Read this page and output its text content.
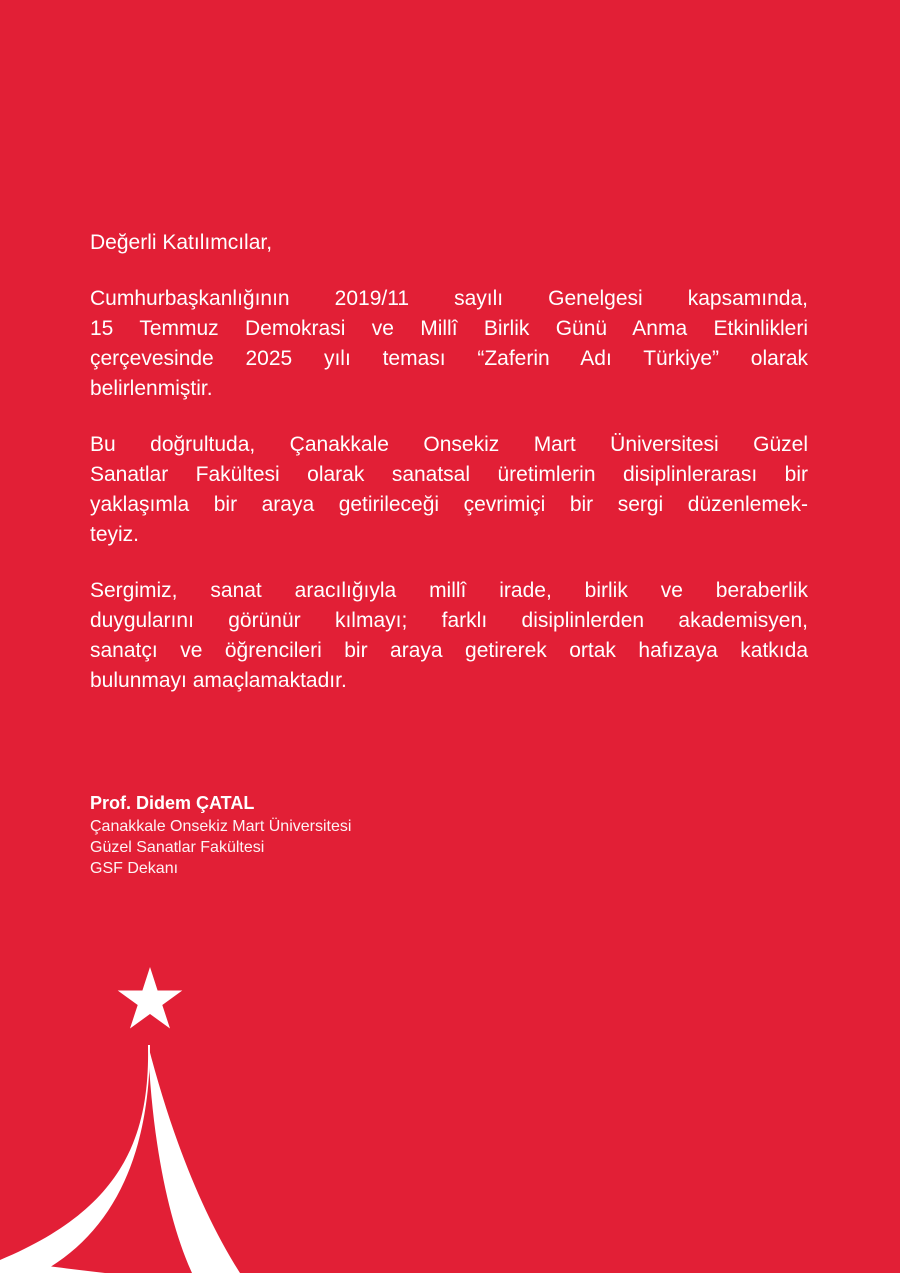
Değerli Katılımcılar,

Cumhurbaşkanlığının 2019/11 sayılı Genelgesi kapsamında,
15 Temmuz Demokrasi ve Millî Birlik Günü Anma Etkinlikleri
çerçevesinde 2025 yılı teması “Zaferin Adı Türkiye” olarak
belirlenmiştir.

Bu doğrultuda, Çanakkale Onsekiz Mart Üniversitesi Güzel
Sanatlar Fakültesi olarak sanatsal üretimlerin disiplinlerarası bir
yaklaşımla bir araya getirileceği çevrimiçi bir sergi düzenlemek-
teyiz.

Sergimiz, sanat aracılığıyla millî irade, birlik ve beraberlik
duygularını görünür kılmayı; farklı disiplinlerden akademisyen,
sanatçı ve öğrencileri bir araya getirerek ortak hafızaya katkıda
bulunmayı amaçlamaktadır.

Prof. Didem ÇATAL
Çanakkale Onsekiz Mart Üniversitesi
Güzel Sanatlar Fakültesi
GSF Dekanı
